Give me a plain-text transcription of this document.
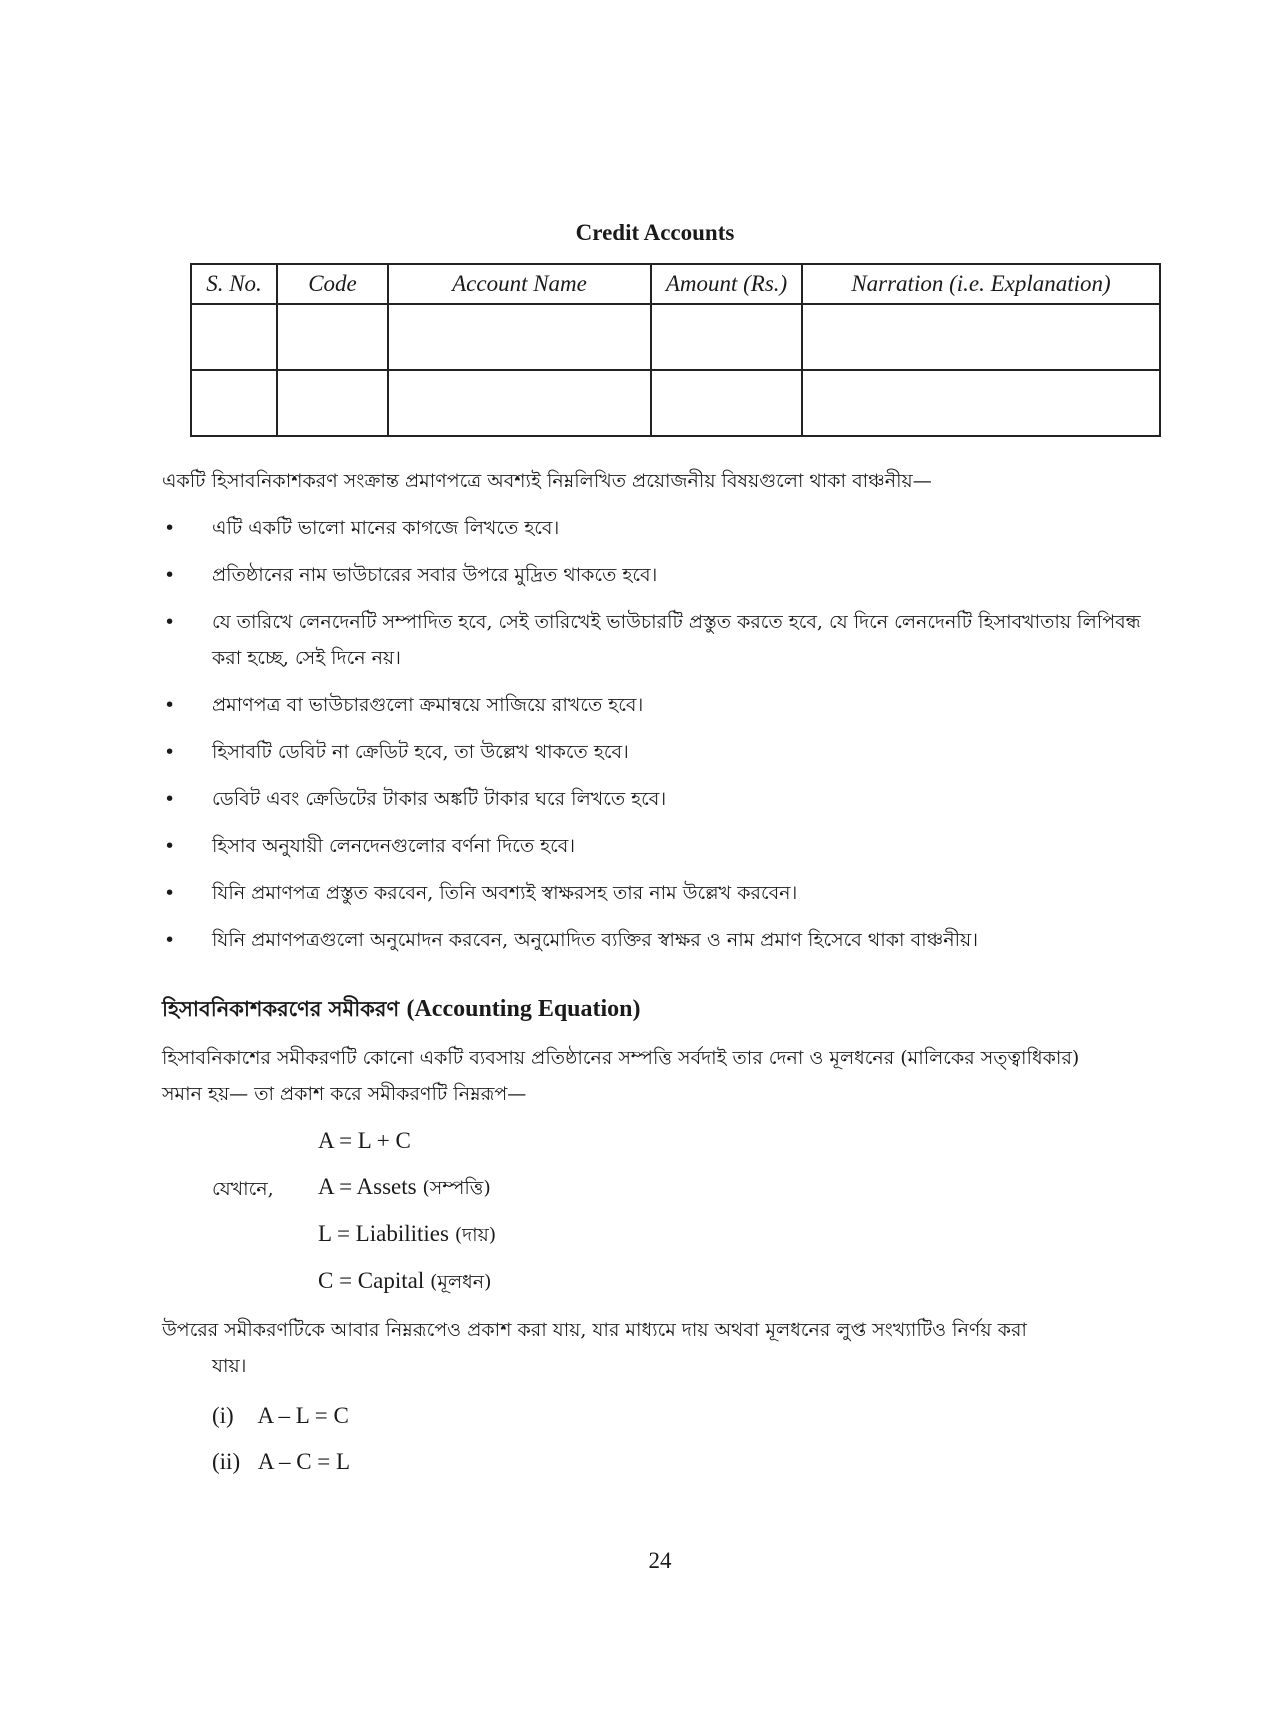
Credit Accounts
S. No.	Code	Account Name	Amount (Rs.)	Narration (i.e. Explanation)

একটি হিসাবনিকাশকরণ সংক্রান্ত প্রমাণপত্রে অবশ্যই নিম্নলিখিত প্রয়োজনীয় বিষয়গুলো থাকা বাঞ্চনীয়—

• এটি একটি ভালো মানের কাগজে লিখতে হবে।
• প্রতিষ্ঠানের নাম ভাউচারের সবার উপরে মুদ্রিত থাকতে হবে।
• যে তারিখে লেনদেনটি সম্পাদিত হবে, সেই তারিখেই ভাউচারটি প্রস্তুত করতে হবে, যে দিনে লেনদেনটি হিসাবখাতায় লিপিবন্ধ করা হচ্ছে, সেই দিনে নয়।
• প্রমাণপত্র বা ভাউচারগুলো ক্রমান্বয়ে সাজিয়ে রাখতে হবে।
• হিসাবটি ডেবিট না ক্রেডিট হবে, তা উল্লেখ থাকতে হবে।
• ডেবিট এবং ক্রেডিটের টাকার অঙ্কটি টাকার ঘরে লিখতে হবে।
• হিসাব অনুযায়ী লেনদেনগুলোর বর্ণনা দিতে হবে।
• যিনি প্রমাণপত্র প্রস্তুত করবেন, তিনি অবশ্যই স্বাক্ষরসহ তার নাম উল্লেখ করবেন।
• যিনি প্রমাণপত্রগুলো অনুমোদন করবেন, অনুমোদিত ব্যক্তির স্বাক্ষর ও নাম প্রমাণ হিসেবে থাকা বাঞ্চনীয়।
হিসাবনিকাশকরণের সমীকরণ (Accounting Equation)

হিসাবনিকাশের সমীকরণটি কোনো একটি ব্যবসায় প্রতিষ্ঠানের সম্পত্তি সর্বদাই তার দেনা ও মূলধনের (মালিকের সত্ত্বাধিকার)
সমান হয়— তা প্রকাশ করে সমীকরণটি নিম্নরূপ—

A = L + C
যেখানে, A = Assets (সম্পত্তি)
L = Liabilities (দায়)
C = Capital (মূলধন)

উপরের সমীকরণটিকে আবার নিম্নরূপেও প্রকাশ করা যায়, যার মাধ্যমে দায় অথবা মূলধনের লুপ্ত সংখ্যাটিও নির্ণয় করা
যায়।

(i) A – L = C
(ii) A – C = L
24
